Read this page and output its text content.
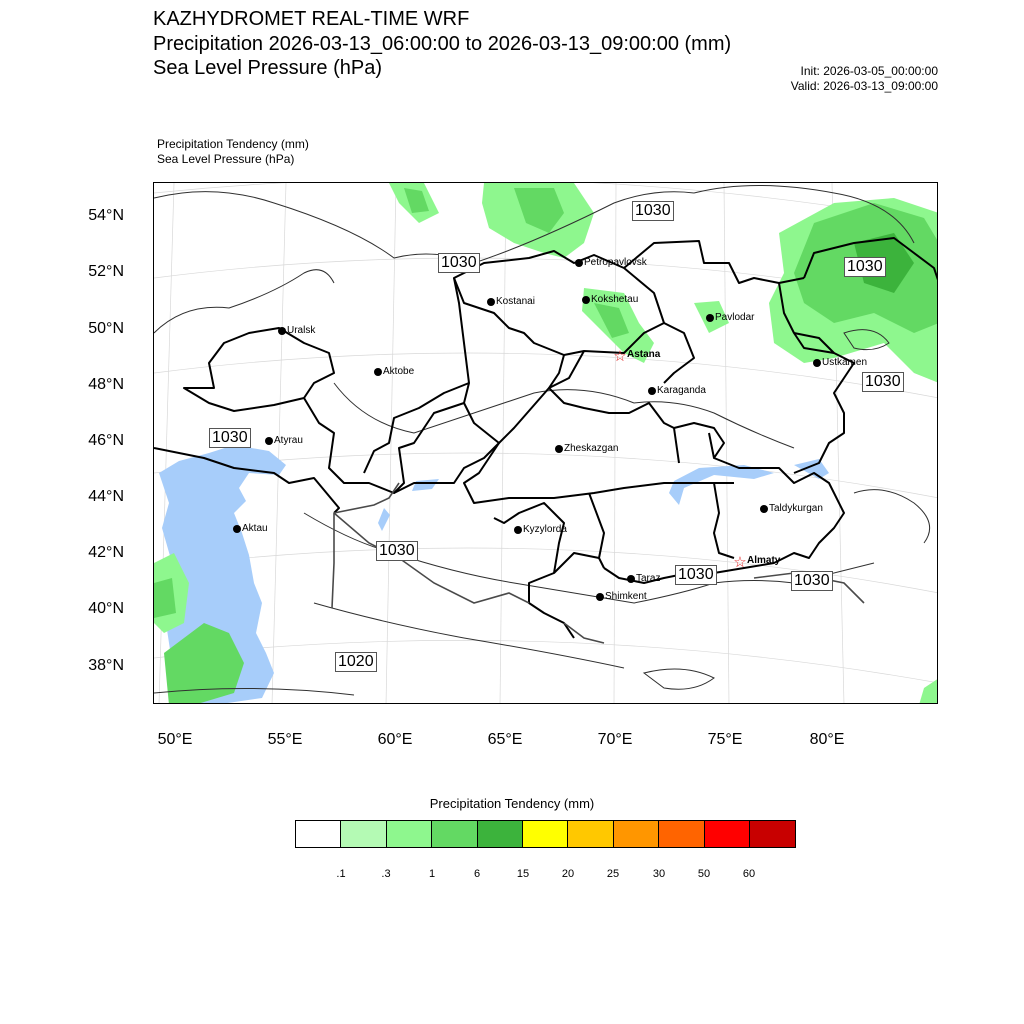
KAZHYDROMET REAL-TIME WRF
Precipitation 2026-03-13_06:00:00 to 2026-03-13_09:00:00 (mm)
Sea Level Pressure (hPa)	Init: 2026-03-05_00:00:00
Valid: 2026-03-13_09:00:00
Precipitation Tendency (mm)
Sea Level Pressure (hPa)
54°N
52°N
50°N
48°N
46°N
44°N
42°N
40°N
38°N
50°E	55°E	60°E	65°E	70°E	75°E	80°E
☆
☆
Petropavlovsk
Kostanai	Kokshetau
Uralsk
Pavlodar
Astana
Aktobe
Ustkamen
Karaganda
Atyrau
Zheskazgan
Aktau
Taldykurgan
Kyzylorda
Almaty
Taraz
Shimkent
1030
1030	1030
1030
1030
1030
1030	1030
1020
Precipitation Tendency (mm)
.1	.3	1	6	15	20	25	30	50	60
